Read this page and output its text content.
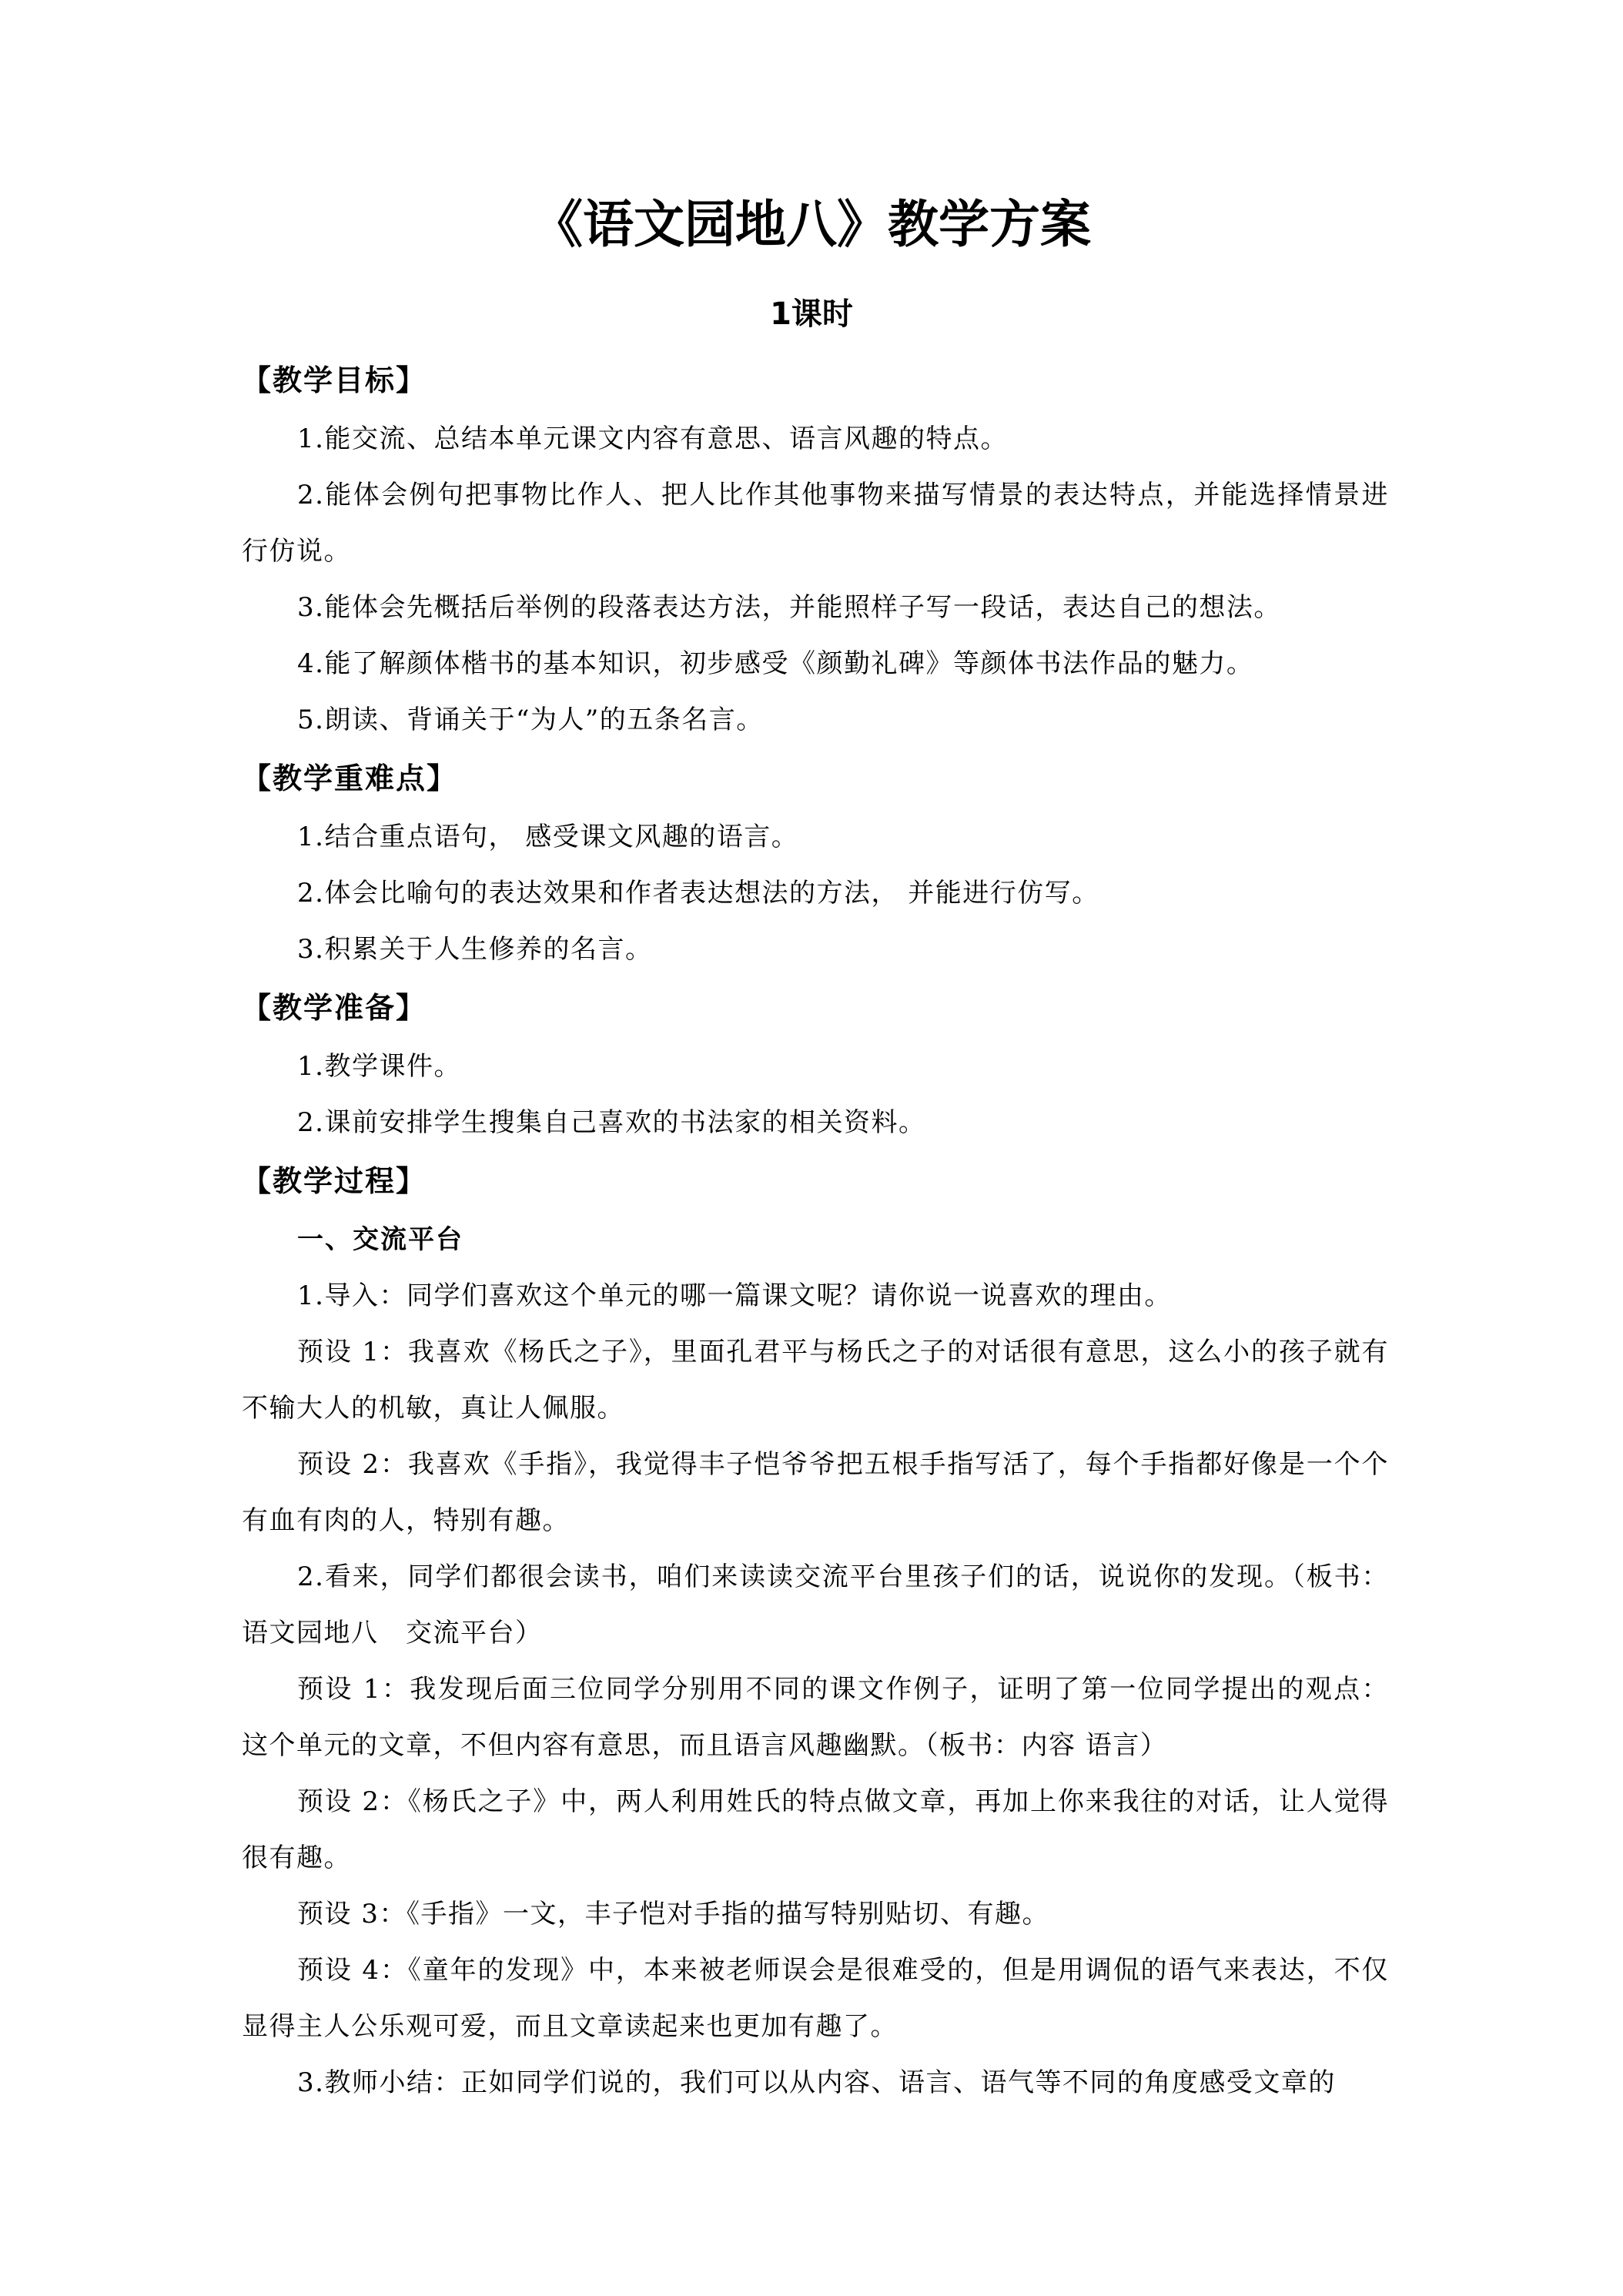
《语文园地八》教学方案
1课时
【教学目标】

1.能交流、总结本单元课文内容有意思、语言风趣的特点。

2.能体会例句把事物比作人、把人比作其他事物来描写情景的表达特点，并能选择情景进行仿说。

3.能体会先概括后举例的段落表达方法，并能照样子写一段话，表达自己的想法。

4.能了解颜体楷书的基本知识，初步感受《颜勤礼碑》等颜体书法作品的魅力。

5.朗读、背诵关于“为人”的五条名言。

【教学重难点】

1.结合重点语句， 感受课文风趣的语言。

2.体会比喻句的表达效果和作者表达想法的方法， 并能进行仿写。

3.积累关于人生修养的名言。

【教学准备】

1.教学课件。

2.课前安排学生搜集自己喜欢的书法家的相关资料。

【教学过程】
一、交流平台

1.导入：同学们喜欢这个单元的哪一篇课文呢？请你说一说喜欢的理由。

预设 1：我喜欢《杨氏之子》，里面孔君平与杨氏之子的对话很有意思，这么小的孩子就有不输大人的机敏，真让人佩服。

预设 2：我喜欢《手指》，我觉得丰子恺爷爷把五根手指写活了，每个手指都好像是一个个有血有肉的人，特别有趣。

2.看来，同学们都很会读书，咱们来读读交流平台里孩子们的话，说说你的发现。（板书：语文园地八　交流平台）

预设 1：我发现后面三位同学分别用不同的课文作例子，证明了第一位同学提出的观点：这个单元的文章，不但内容有意思，而且语言风趣幽默。（板书：内容 语言）

预设 2：《杨氏之子》中，两人利用姓氏的特点做文章，再加上你来我往的对话，让人觉得很有趣。

预设 3：《手指》一文，丰子恺对手指的描写特别贴切、有趣。

预设 4：《童年的发现》中，本来被老师误会是很难受的，但是用调侃的语气来表达，不仅显得主人公乐观可爱，而且文章读起来也更加有趣了。

3.教师小结：正如同学们说的，我们可以从内容、语言、语气等不同的角度感受文章的
